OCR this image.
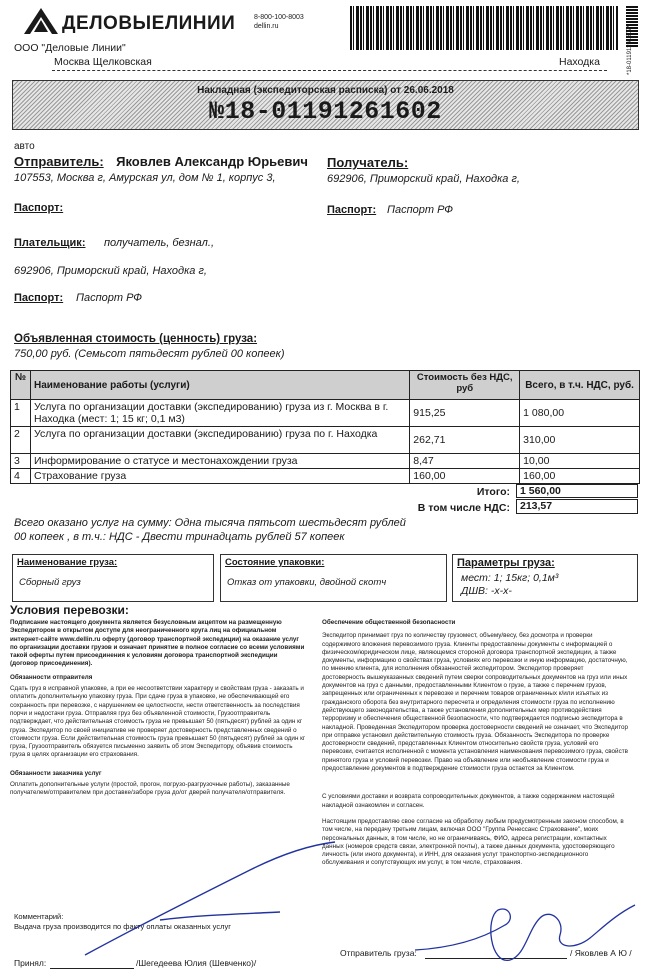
ДЕЛОВЫЕЛИНИИ	8-800-100-8003
dellin.ru	*18-01191261602*
ООО "Деловые Линии"
Москва Щелковская	Находка
Накладная (экспедиторская расписка) от 26.06.2018
№18-01191261602
авто
Отправитель: Яковлев Александр Юрьевич
107553, Москва г, Амурская ул, дом № 1, корпус 3,
Паспорт:
Получатель:
692906, Приморский край, Находка г,
Паспорт: Паспорт РФ
Плательщик: получатель, безнал.,
692906, Приморский край, Находка г,
Паспорт: Паспорт РФ
Объявленная стоимость (ценность) груза:
750,00 руб. (Семьсот пятьдесят рублей 00 копеек)
№	Наименование работы (услуги)	Стоимость без НДС, руб	Всего, в т.ч. НДС, руб.
1	Услуга по организации доставки (экспедированию) груза из г. Москва в г. Находка (мест: 1; 15 кг; 0,1 м3)	915,25	1 080,00
2	Услуга по организации доставки (экспедированию) груза по г. Находка	262,71	310,00
3	Информирование о статусе и местонахождении груза	8,47	10,00
4	Страхование груза	160,00	160,00
Итого: 1 560,00
В том числе НДС: 213,57
Всего оказано услуг на сумму: Одна тысяча пятьсот шестьдесят рублей 00 копеек , в т.ч.: НДС - Двести тринадцать рублей 57 копеек
Наименование груза:
Сборный груз
Состояние упаковки:
Отказ от упаковки, двойной скотч
Параметры груза:
мест: 1; 15кг; 0,1м³
ДШВ: -х-х-
Условия перевозки:

Подписание настоящего документа является безусловным акцептом на размещенную Экспедитором в открытом доступе для неограниченного круга лиц на официальном интернет-сайте www.dellin.ru оферту (договор транспортной экспедиции) на оказание услуг по организации доставки грузов и означает принятие в полное согласие со всеми условиями такой оферты путем присоединения к условиям договора транспортной экспедиции (договор присоединения).

Обязанности отправителя

Сдать груз в исправной упаковке, а при ее несоответствии характеру и свойствам груза - заказать и оплатить дополнительную упаковку груза. При сдаче груза в упаковке, не обеспечивающей его сохранность при перевозке, с нарушением ее целостности, нести ответственность за последствия порчи и недостачи груза. Отправляя груз без объявленной стоимости, Грузоотправитель подтверждает, что действительная стоимость груза не превышает 50 (пятьдесят) рублей за один кг груза. Экспедитор по своей инициативе не проверяет достоверность представленных сведений о стоимости груза. Если действительная стоимость груза превышает 50 (пятьдесят) рублей за один кг груза, Грузоотправитель обязуется письменно заявить об этом Экспедитору, объявив стоимость груза в целях организации его страхования.

Обязанности заказчика услуг

Оплатить дополнительные услуги (простой, прогон, погрузо-разгрузочные работы), заказанные получателем/отправителем при доставке/заборе груза до/от дверей получателя/отправителя.

Обеспечение общественной безопасности

Экспедитор принимает груз по количеству грузомест, объему/весу, без досмотра и проверки содержимого вложения перевозимого груза. Клиенты предоставлены документы с информацией о физическом/юридическом лице, являющемся стороной договора транспортной экспедиции, а также документы, информацию о свойствах груза, условиях его перевозки и иную информацию, достаточную, по мнению клиента, для исполнения обязанностей экспедитором. Экспедитор проверяет достоверность вышеуказанных сведений путем сверки сопроводительных документов на груз или иных документов на груз с данными, предоставленными Клиентом о грузе, а также с перечнем грузов, запрещенных или ограниченных к перевозке и перечнем товаров ограниченных к/или изъятых из гражданского оборота без внутритарного пересчета и определения стоимости груза по исполнению действующего законодательства, а также установления дополнительных мер противодействия терроризму и обеспечения общественной безопасности, что подтверждается подписью экспедитора в накладной. Проведенная Экспедитором проверка достоверности сведений не означает, что Экспедитор при отправке установил действительную стоимость груза. Обязанность Экспедитора по проверке достоверности сведений, представленных Клиентом относительно свойств груза, условий его перевозки, считается исполненной с момента установления наименования перевозимого груза, свойств принятого груза и условий перевозки. Право на объявление или необъявление стоимости груза и предоставление документов в подтверждение стоимости груза остается за Клиентом.

С условиями доставки и возврата сопроводительных документов, а также содержанием настоящей накладной ознакомлен и согласен.

Настоящим предоставляю свое согласие на обработку любым предусмотренным законом способом, в том числе, на передачу третьим лицам, включая ООО "Группа Ренессанс Страхование", моих персональных данных, в том числе, но не ограничиваясь, ФИО, адреса регистрации, контактных данных (номеров средств связи, электронной почты), а также данных документа, удостоверяющего личность (или иного документа), и ИНН, для оказания услуг транспортно-экспедиционного обслуживания и сопутствующих им услуг, в том числе, страхования.

Комментарий:
Выдача груза производится по факту оплаты оказанных услуг
Принял:	/Шегедеева Юлия (Шевченко)/
Отправитель груза:	/ Яковлев А Ю /
